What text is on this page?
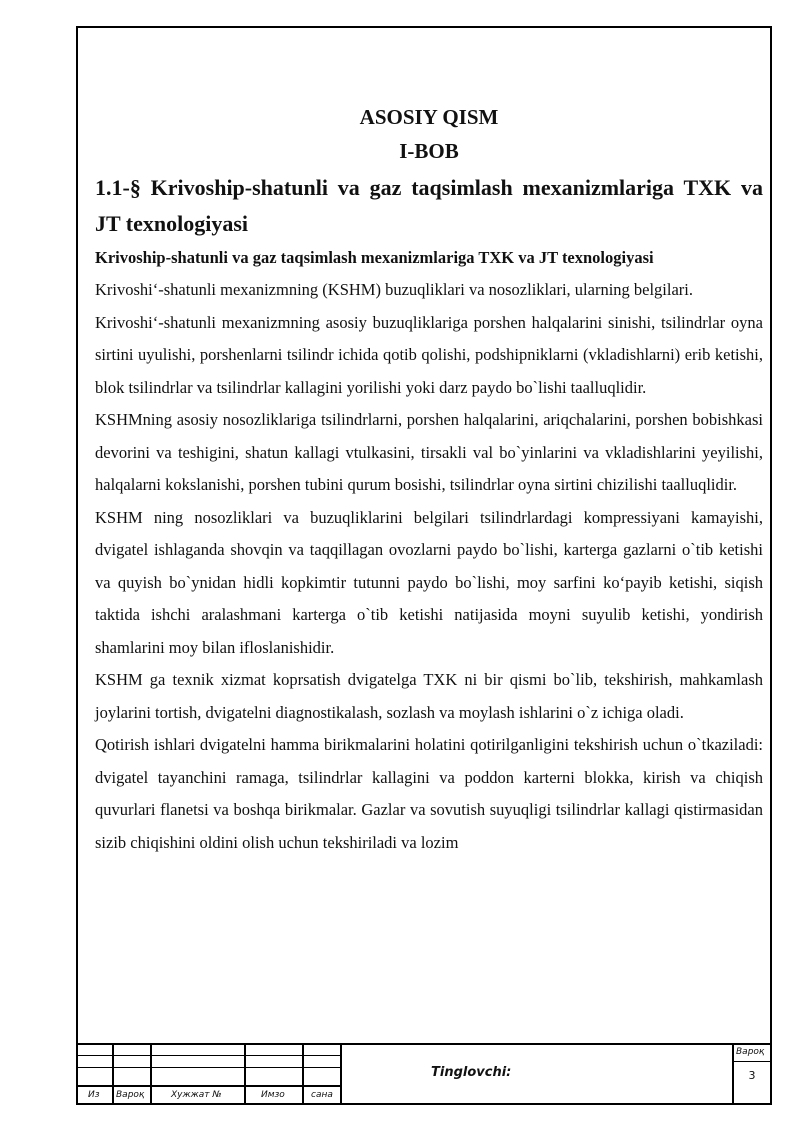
ASOSIY QISM
I-BOB
1.1-§ Krivoship-shatunli va gaz taqsimlash mexanizmlariga TXK va JT texnologiyasi
Krivoship-shatunli va gaz taqsimlash mexanizmlariga TXK va JT texnologiyasi

Krivoshi‘-shatunli mexanizmning (KSHM) buzuqliklari va nosozliklari, ularning belgilari.

Krivoshi‘-shatunli mexanizmning asosiy buzuqliklariga porshen halqalarini sinishi, tsilindrlar oyna sirtini uyulishi, porshenlarni tsilindr ichida qotib qolishi, podshipniklarni (vkladishlarni) erib ketishi, blok tsilindrlar va tsilindrlar kallagini yorilishi yoki darz paydo bo`lishi taalluqlidir.

KSHMning asosiy nosozliklariga tsilindrlarni, porshen halqalarini, ariqchalarini, porshen bobishkasi devorini va teshigini, shatun kallagi vtulkasini, tirsakli val bo`yinlarini va vkladishlarini yeyilishi, halqalarni kokslanishi, porshen tubini qurum bosishi, tsilindrlar oyna sirtini chizilishi taalluqlidir.

KSHM ning nosozliklari va buzuqliklarini belgilari tsilindrlardagi kompressiyani kamayishi, dvigatel ishlaganda shovqin va taqqillagan ovozlarni paydo bo`lishi, karterga gazlarni o`tib ketishi va quyish bo`ynidan hidli kopkimtir tutunni paydo bo`lishi, moy sarfini ko‘payib ketishi, siqish taktida ishchi aralashmani karterga o`tib ketishi natijasida moyni suyulib ketishi, yondirish shamlarini moy bilan ifloslanishidir.

KSHM ga texnik xizmat koprsatish dvigatelga TXK ni bir qismi bo`lib, tekshirish, mahkamlash joylarini tortish, dvigatelni diagnostikalash, sozlash va moylash ishlarini o`z ichiga oladi.

Qotirish ishlari dvigatelni hamma birikmalarini holatini qotirilganligini tekshirish uchun o`tkaziladi: dvigatel tayanchini ramaga, tsilindrlar kallagini va poddon karterni blokka, kirish va chiqish quvurlari flanetsi va boshqa birikmalar. Gazlar va sovutish suyuqligi tsilindrlar kallagi qistirmasidan sizib chiqishini oldini olish uchun tekshiriladi va lozim

Из Вароқ	Хужжат №	Имзо	сана
Tinglovchi:
Вароқ
3
